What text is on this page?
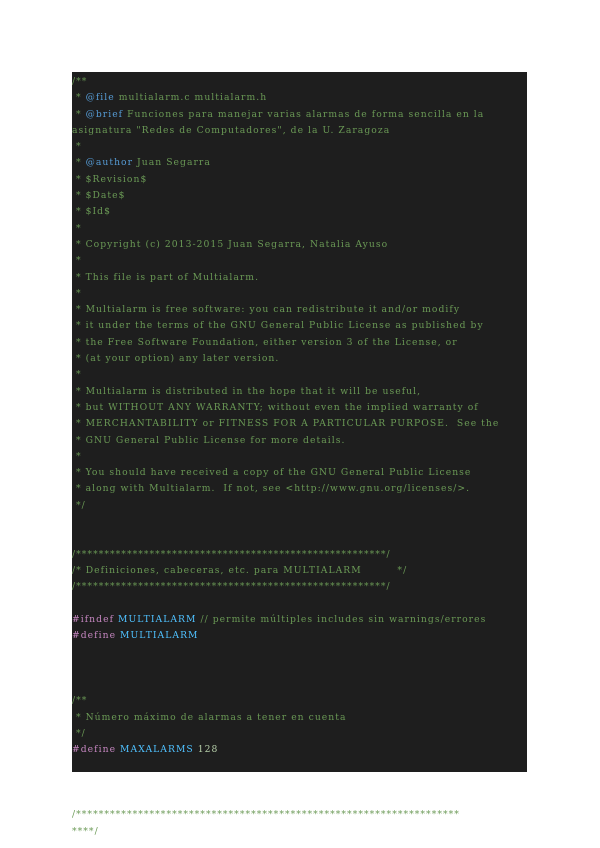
/**
* @file multialarm.c multialarm.h
* @brief Funciones para manejar varias alarmas de forma sencilla en la
asignatura "Redes de Computadores", de la U. Zaragoza
*
* @author Juan Segarra
* $Revision$
* $Date$
* $Id$
*
* Copyright (c) 2013-2015 Juan Segarra, Natalia Ayuso
*
* This file is part of Multialarm.
*
* Multialarm is free software: you can redistribute it and/or modify
* it under the terms of the GNU General Public License as published by
* the Free Software Foundation, either version 3 of the License, or
* (at your option) any later version.
*
* Multialarm is distributed in the hope that it will be useful,
* but WITHOUT ANY WARRANTY; without even the implied warranty of
* MERCHANTABILITY or FITNESS FOR A PARTICULAR PURPOSE.  See the
* GNU General Public License for more details.
*
* You should have received a copy of the GNU General Public License
* along with Multialarm.  If not, see <http://www.gnu.org/licenses/>.
*/
/*******************************************************/
/* Definiciones, cabeceras, etc. para MULTIALARM         */
/*******************************************************/
#ifndef MULTIALARM // permite múltiples includes sin warnings/errores
#define MULTIALARM
/**
* Número máximo de alarmas a tener en cuenta
*/
#define MAXALARMS 128
/********************************************************************
****/
